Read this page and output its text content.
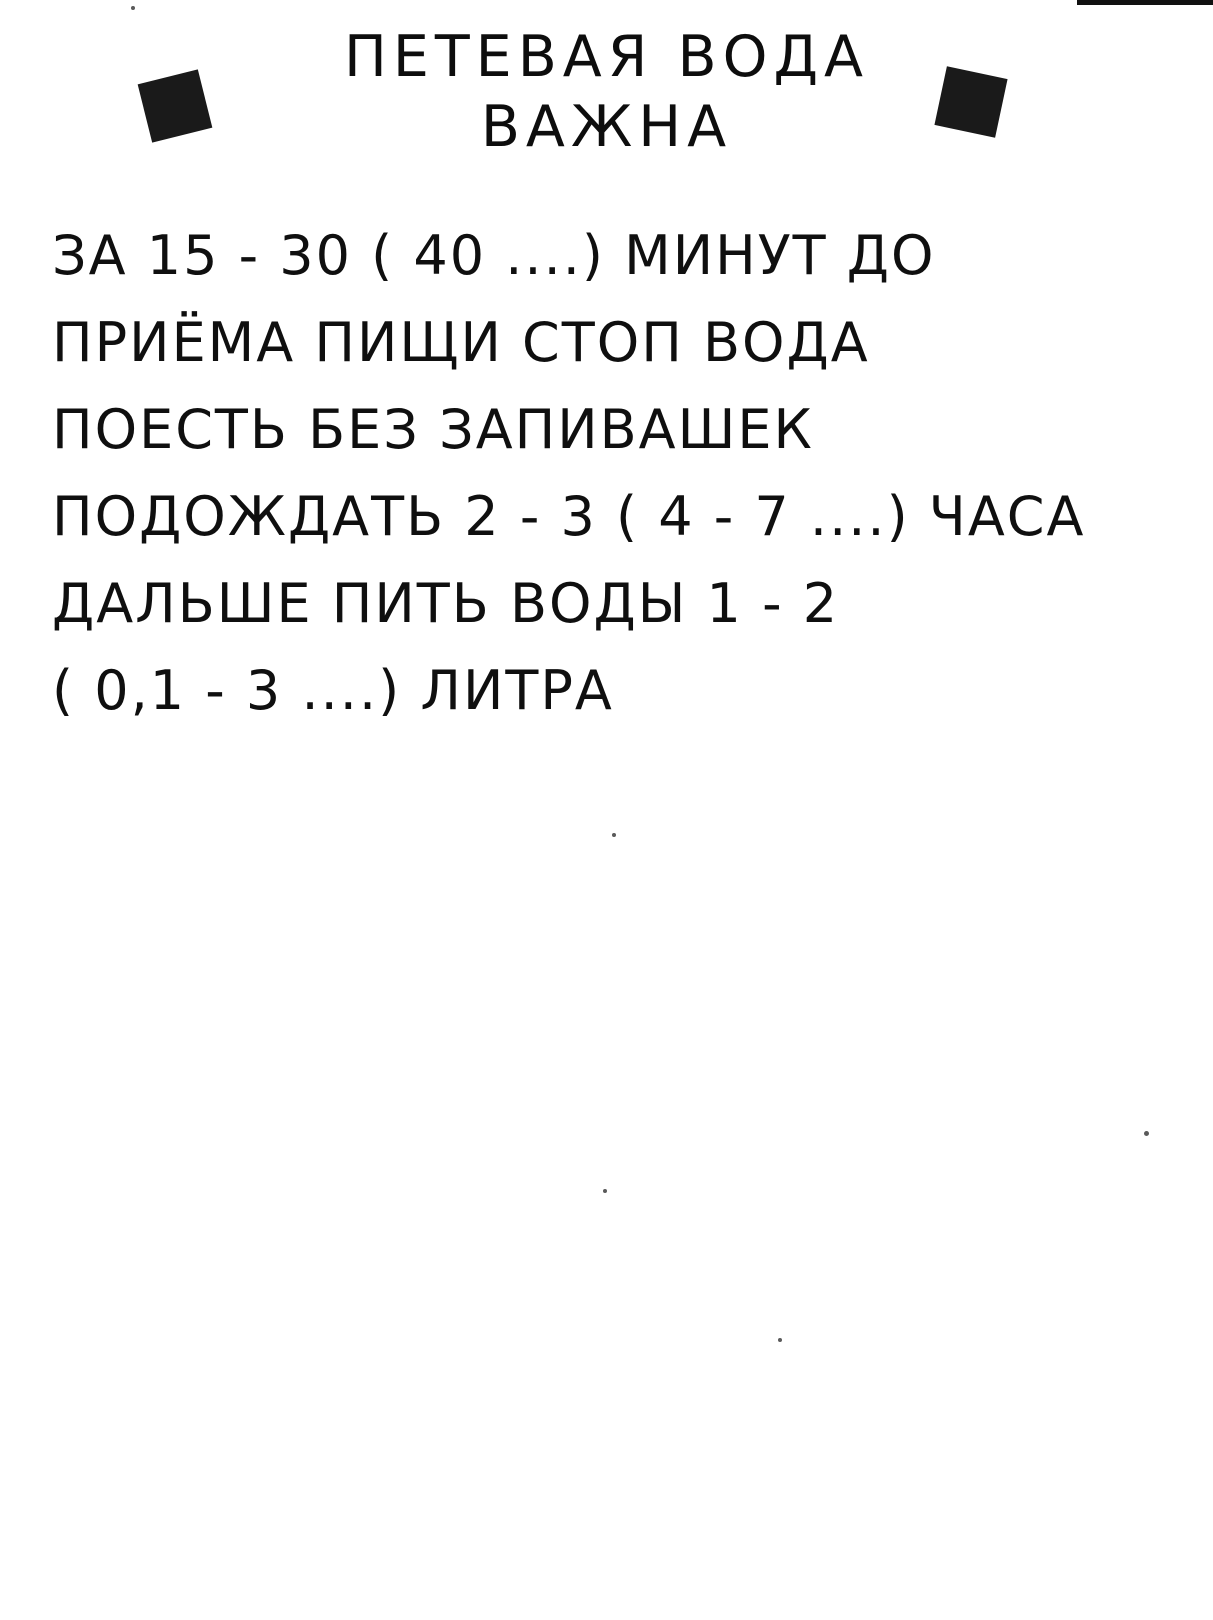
ПЕТЕВАЯ ВОДА
ВАЖНА
ЗА 15 - 30 ( 40 ....) МИНУТ ДО
ПРИЁМА ПИЩИ СТОП ВОДА
ПОЕСТЬ БЕЗ ЗАПИВАШЕК
ПОДОЖДАТЬ 2 - 3 ( 4 - 7 ....) ЧАСА
ДАЛЬШЕ ПИТЬ ВОДЫ 1 - 2
( 0,1 - 3 ....) ЛИТРА
